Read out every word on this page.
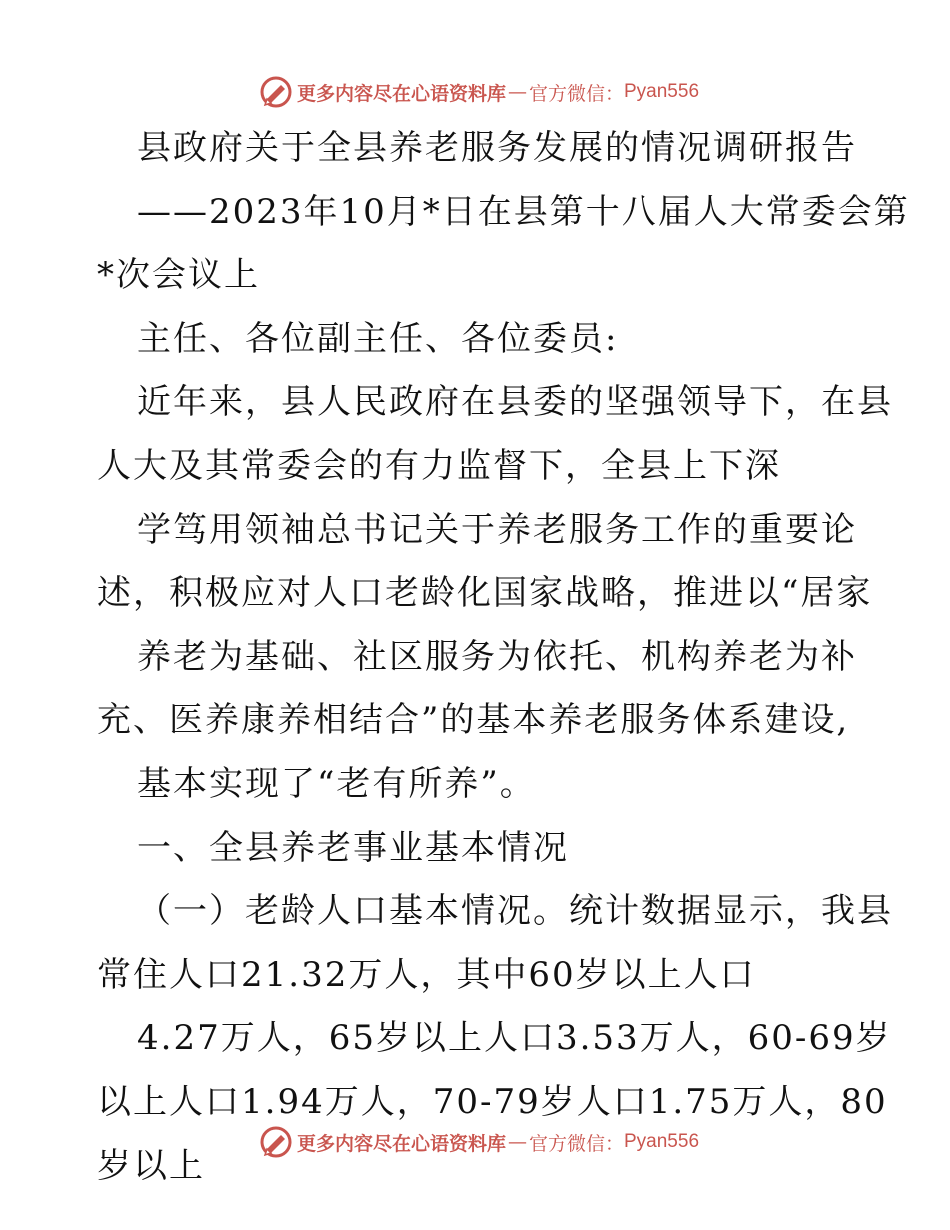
更多内容尽在心语资料库 — 官方微信： Pyan556
县政府关于全县养老服务发展的情况调研报告
——2023年10月*日在县第十八届人大常委会第
*次会议上
主任、各位副主任、各位委员:
近年来，县人民政府在县委的坚强领导下，在县
人大及其常委会的有力监督下，全县上下深
学笃用领袖总书记关于养老服务工作的重要论
述，积极应对人口老龄化国家战略，推进以“居家
养老为基础、社区服务为依托、机构养老为补
充、医养康养相结合”的基本养老服务体系建设,
基本实现了“老有所养”。
一、全县养老事业基本情况
（一）老龄人口基本情况。统计数据显示，我县
常住人口21.32万人，其中60岁以上人口
4.27万人，65岁以上人口3.53万人，60-69岁
以上人口1.94万人，70-79岁人口1.75万人，80
岁以上
更多内容尽在心语资料库 — 官方微信： Pyan556
